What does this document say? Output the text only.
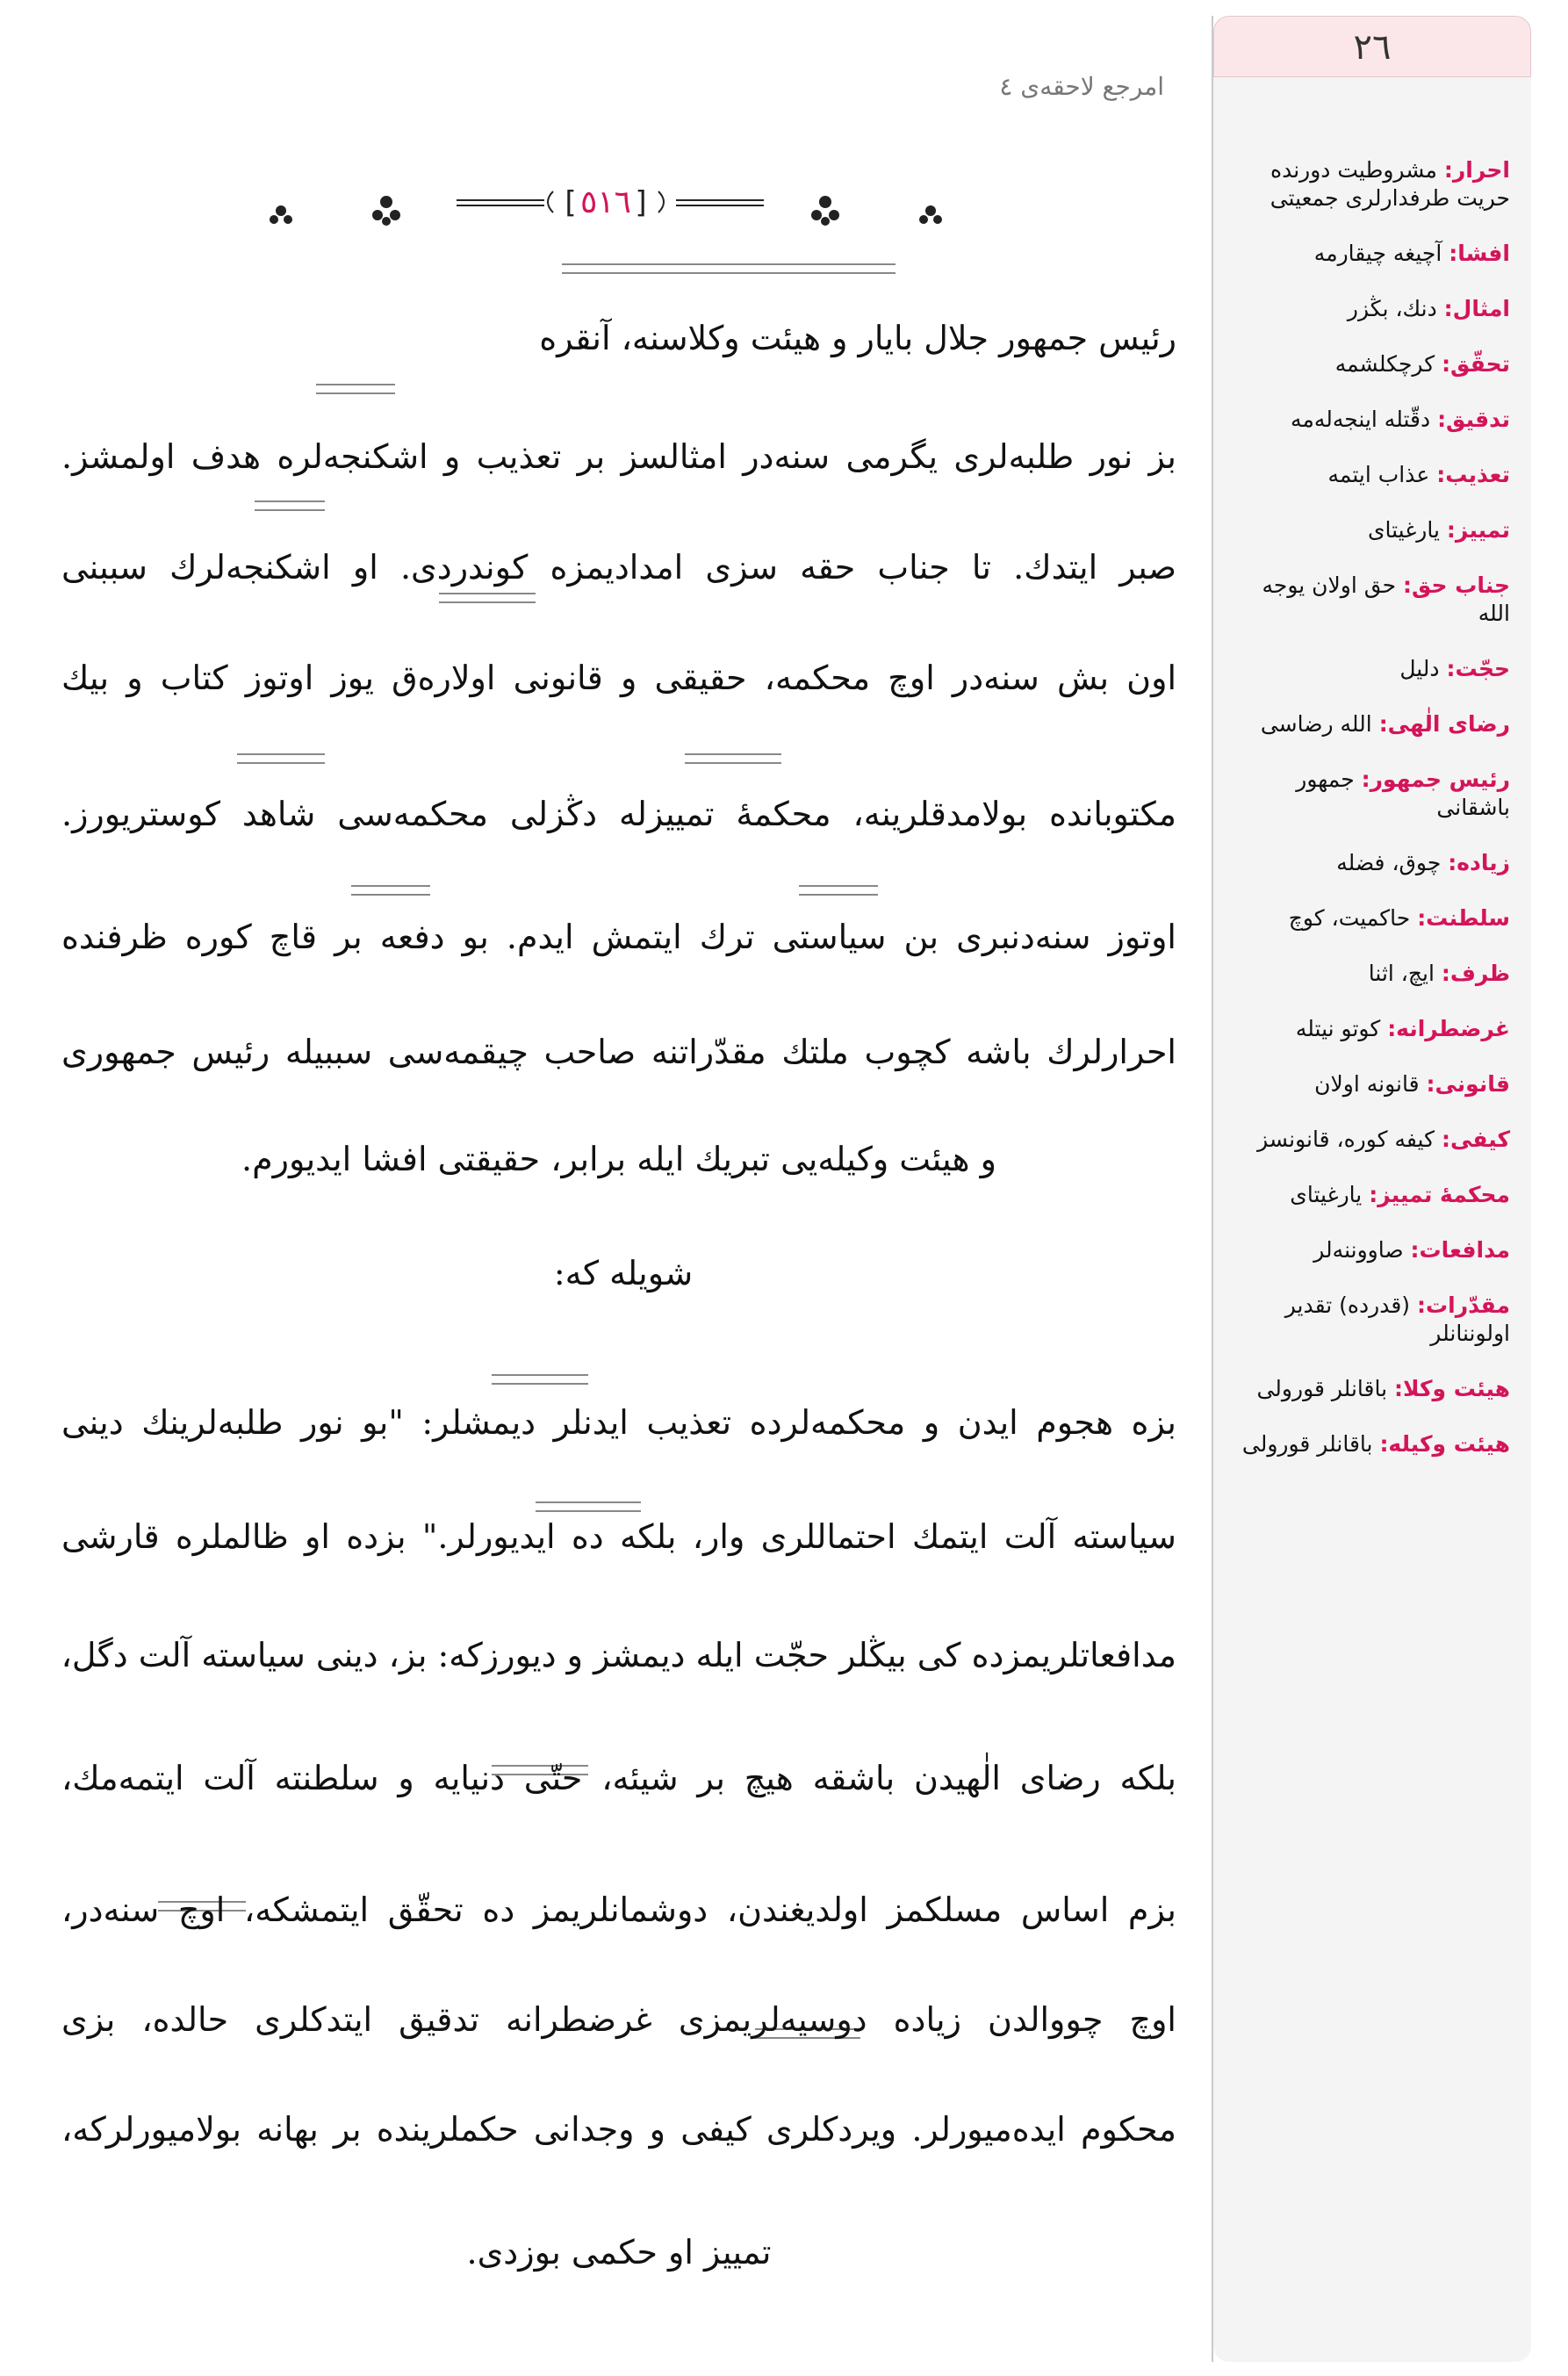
امرجع لاحقه‌ی ٤
٥١٦
[ ]
رئیس جمهور جلال بایار و هیئت وكلاسنه، آنقره
بز نور طلبه‌لری یگرمی سنه‌در امثالسز بر تعذیب و اشكنجه‌لره هدف اولمشز.
صبر ایتدك. تا جناب حقه سزی امدادیمزه كوندردی. او اشكنجه‌لرك سببنی
اون بش سنه‌در اوچ محكمه، حقیقی و قانونی اولاره‌ق یوز اوتوز كتاب و بیك
مكتوبانده بولامدقلرینه، محكمهٔ تمییزله دڭزلی محكمه‌سی شاهد كوستریورز.
اوتوز سنه‌دنبری بن سیاستی ترك ایتمش ایدم. بو دفعه بر قاچ كوره ظرفنده
احرارلرك باشه كچوب ملتك مقدّراتنه صاحب چیقمه‌سی سببیله رئیس جمهوری
و هیئت وكیله‌یی تبریك ایله برابر، حقیقتی افشا ایدیورم.
شویله كه:
بزه هجوم ایدن و محكمه‌لرده تعذیب ایدنلر دیمشلر: "بو نور طلبه‌لرینك دینی
سیاسته آلت ایتمك احتماللری وار، بلكه ده ایدیورلر." بزده او ظالملره قارشی
مدافعاتلریمزده كی بیڭلر حجّت ایله دیمشز و دیورزكه: بز، دینی سیاسته آلت دگل،
بلكه رضای الٰهیدن باشقه هیچ بر شیئه، حتّی دنیایه و سلطنته آلت ایتمه‌مك،
بزم اساس مسلكمز اولدیغندن، دوشمانلریمز ده تحقّق ایتمشكه، اوچ سنه‌در،
اوچ چووالدن زیاده دوسیه‌لریمزی غرضطرانه تدقیق ایتدكلری حالده، بزی
محكوم ایده‌میورلر. ویردكلری كیفی و وجدانی حكملرینده بر بهانه بولامیورلركه،
تمییز او حكمی بوزدی.
٢٦
احرار: مشروطیت دورنده حریت طرفدارلری جمعیتی
افشا: آچیغه چیقارمه
امثال: دنك، بڭزر
تحقّق: كرچكلشمه
تدقیق: دقّتله اینجه‌له‌مه
تعذیب: عذاب ایتمه
تمییز: یارغیتای
جناب حق: حق اولان یوجه الله
حجّت: دلیل
رضای الٰهی: الله رضاسی
رئیس جمهور: جمهور باشقانی
زیاده: چوق، فضله
سلطنت: حاكمیت، كوچ
ظرف: ایچ، اثنا
غرضطرانه: كوتو نیتله
قانونی: قانونه اولان
كیفی: كیفه كوره، قانونسز
محكمهٔ تمییز: یارغیتای
مدافعات: صاووننه‌لر
مقدّرات: (قدرده) تقدیر اولوننانلر
هیئت وكلا: باقانلر قورولی
هیئت وكیله: باقانلر قورولی
